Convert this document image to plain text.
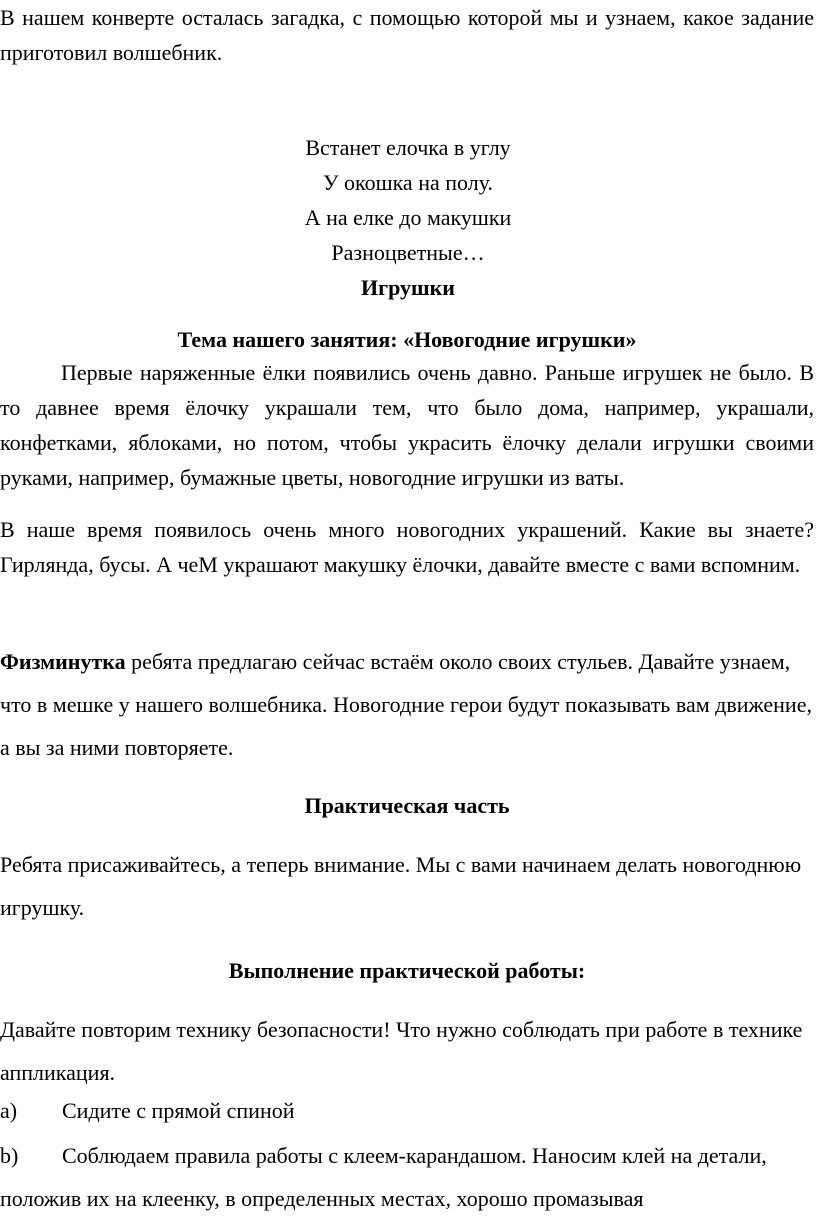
В нашем конверте осталась загадка, с помощью которой мы и узнаем, какое задание приготовил волшебник.

Встанет елочка в углу
У окошка на полу.
А на елке до макушки
Разноцветные…
Игрушки

Тема нашего занятия: «Новогодние игрушки»

Первые наряженные ёлки появились очень давно. Раньше игрушек не было. В то давнее время ёлочку украшали тем, что было дома, например, украшали, конфетками, яблоками, но потом, чтобы украсить ёлочку делали игрушки своими руками, например, бумажные цветы, новогодние игрушки из ваты.

В наше время появилось очень много новогодних украшений. Какие вы знаете? Гирлянда, бусы. А чеМ украшают макушку ёлочки, давайте вместе с вами вспомним.

Физминутка ребята предлагаю сейчас встаём около своих стульев. Давайте узнаем, что в мешке у нашего волшебника. Новогодние герои будут показывать вам движение, а вы за ними повторяете.

Практическая часть

Ребята присаживайтесь, а теперь внимание. Мы с вами начинаем делать новогоднюю игрушку.

Выполнение практической работы:

Давайте повторим технику безопасности! Что нужно соблюдать при работе в технике аппликация.

a) Сидите с прямой спиной
b) Соблюдаем правила работы с клеем-карандашом. Наносим клей на детали, положив их на клеенку, в определенных местах, хорошо промазывая
